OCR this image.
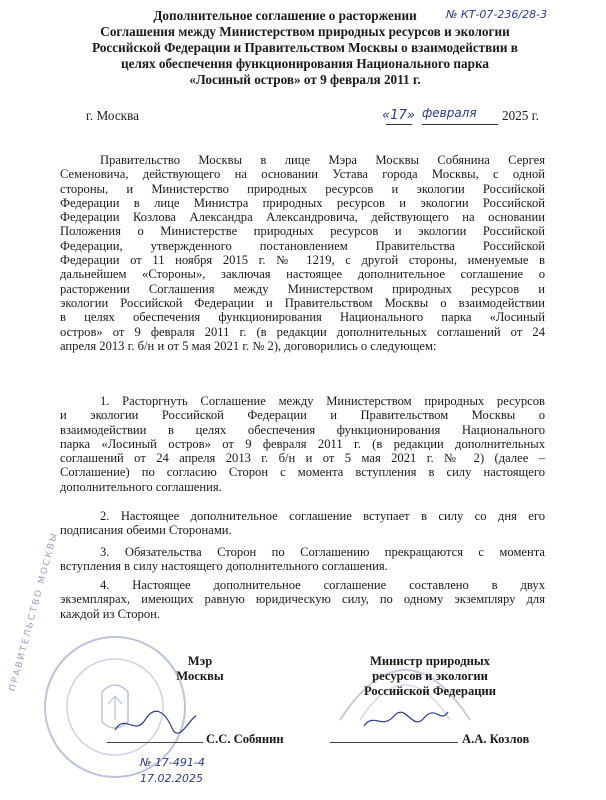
Дополнительное соглашение о расторжении
Соглашения между Министерством природных ресурсов и экологии
Российской Федерации и Правительством Москвы о взаимодействии в
целях обеспечения функционирования Национального парка
«Лосиный остров» от 9 февраля 2011 г.
№ КТ-07-236/28-3
г. Москва	«17» февраля 2025 г.
Правительство Москвы в лице Мэра Москвы Собянина Сергея
Семеновича, действующего на основании Устава города Москвы, с одной
стороны, и Министерство природных ресурсов и экологии Российской
Федерации в лице Министра природных ресурсов и экологии Российской
Федерации Козлова Александра Александровича, действующего на основании
Положения о Министерстве природных ресурсов и экологии Российской
Федерации, утвержденного постановлением Правительства Российской
Федерации от 11 ноября 2015 г. № 1219, с другой стороны, именуемые в
дальнейшем «Стороны», заключая настоящее дополнительное соглашение о
расторжении Соглашения между Министерством природных ресурсов и
экологии Российской Федерации и Правительством Москвы о взаимодействии
в целях обеспечения функционирования Национального парка «Лосиный
остров» от 9 февраля 2011 г. (в редакции дополнительных соглашений от 24
апреля 2013 г. б/н и от 5 мая 2021 г. № 2), договорились о следующем:
1. Расторгнуть Соглашение между Министерством природных ресурсов
и экологии Российской Федерации и Правительством Москвы о
взаимодействии в целях обеспечения функционирования Национального
парка «Лосиный остров» от 9 февраля 2011 г. (в редакции дополнительных
соглашений от 24 апреля 2013 г. б/н и от 5 мая 2021 г. № 2) (далее –
Соглашение) по согласию Сторон с момента вступления в силу настоящего
дополнительного соглашения.
2. Настоящее дополнительное соглашение вступает в силу со дня его
подписания обеими Сторонами.
3. Обязательства Сторон по Соглашению прекращаются с момента
вступления в силу настоящего дополнительного соглашения.
4. Настоящее дополнительное соглашение составлено в двух
экземплярах, имеющих равную юридическую силу, по одному экземпляру для
каждой из Сторон.
ПРАВИТЕЛЬСТВО МОСКВЫ	Мэр
Москвы
Министр природных
ресурсов и экологии
Российской Федерации
С.С. Собянин	А.А. Козлов
№ 17-491-4
17.02.2025
